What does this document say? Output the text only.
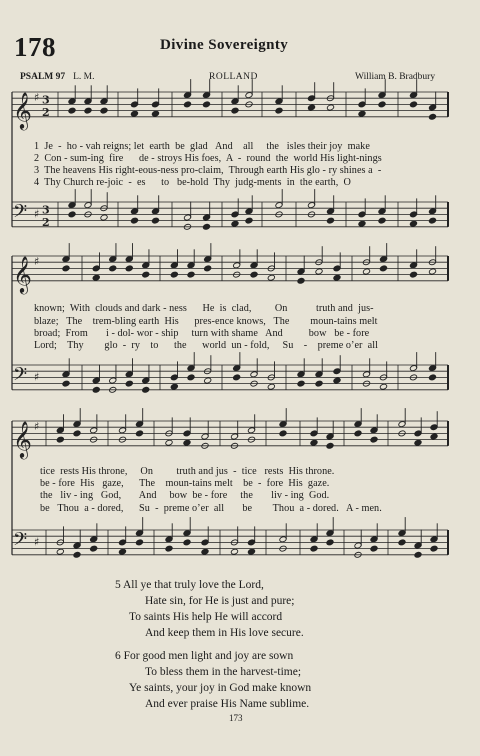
178	Divine Sovereignty
PSALM 97 L. M.	ROLLAND	William B. Bradbury
𝄞 ♯ 3
2
𝄢 ♯ 3
2
𝄞 ♯
𝄢 ♯
𝄞 ♯
𝄢 ♯
1  Je  -  ho - vah reigns; let  earth  be  glad   And    all     the   isles their joy  make
2  Con - sum-ing  fire      de - stroys His foes,  A  -  round  the  world His light-nings
3  The heavens His right-eous-ness pro-claim,  Through earth His glo - ry shines a  -
4  Thy Church re-joic  -  es      to   be-hold  Thy  judg-ments  in  the earth,  O
known;  With  clouds and dark - ness      He  is  clad,         On           truth and  jus-
blaze;   The    trem-bling earth  His      pres-ence knows,   The        moun-tains melt
broad;  From       i - dol- wor - ship     turn with shame   And          bow   be - fore
Lord;    Thy        glo  -  ry    to      the      world  un - fold,     Su    -    preme o’er  all
tice  rests His throne,     On         truth and jus  -  tice   rests  His throne.
be - fore  His   gaze,      The    moun-tains melt    be  -  fore  His  gaze.
the   liv - ing   God,       And     bow  be - fore     the       liv - ing  God.
be   Thou  a - dored,      Su  -  preme o’er  all       be        Thou  a - dored.   A - men.
5 All ye that truly love the Lord,
Hate sin, for He is just and pure;
To saints His help He will accord
And keep them in His love secure.
6 For good men light and joy are sown
To bless them in the harvest-time;
Ye saints, your joy in God make known
And ever praise His Name sublime.
173
